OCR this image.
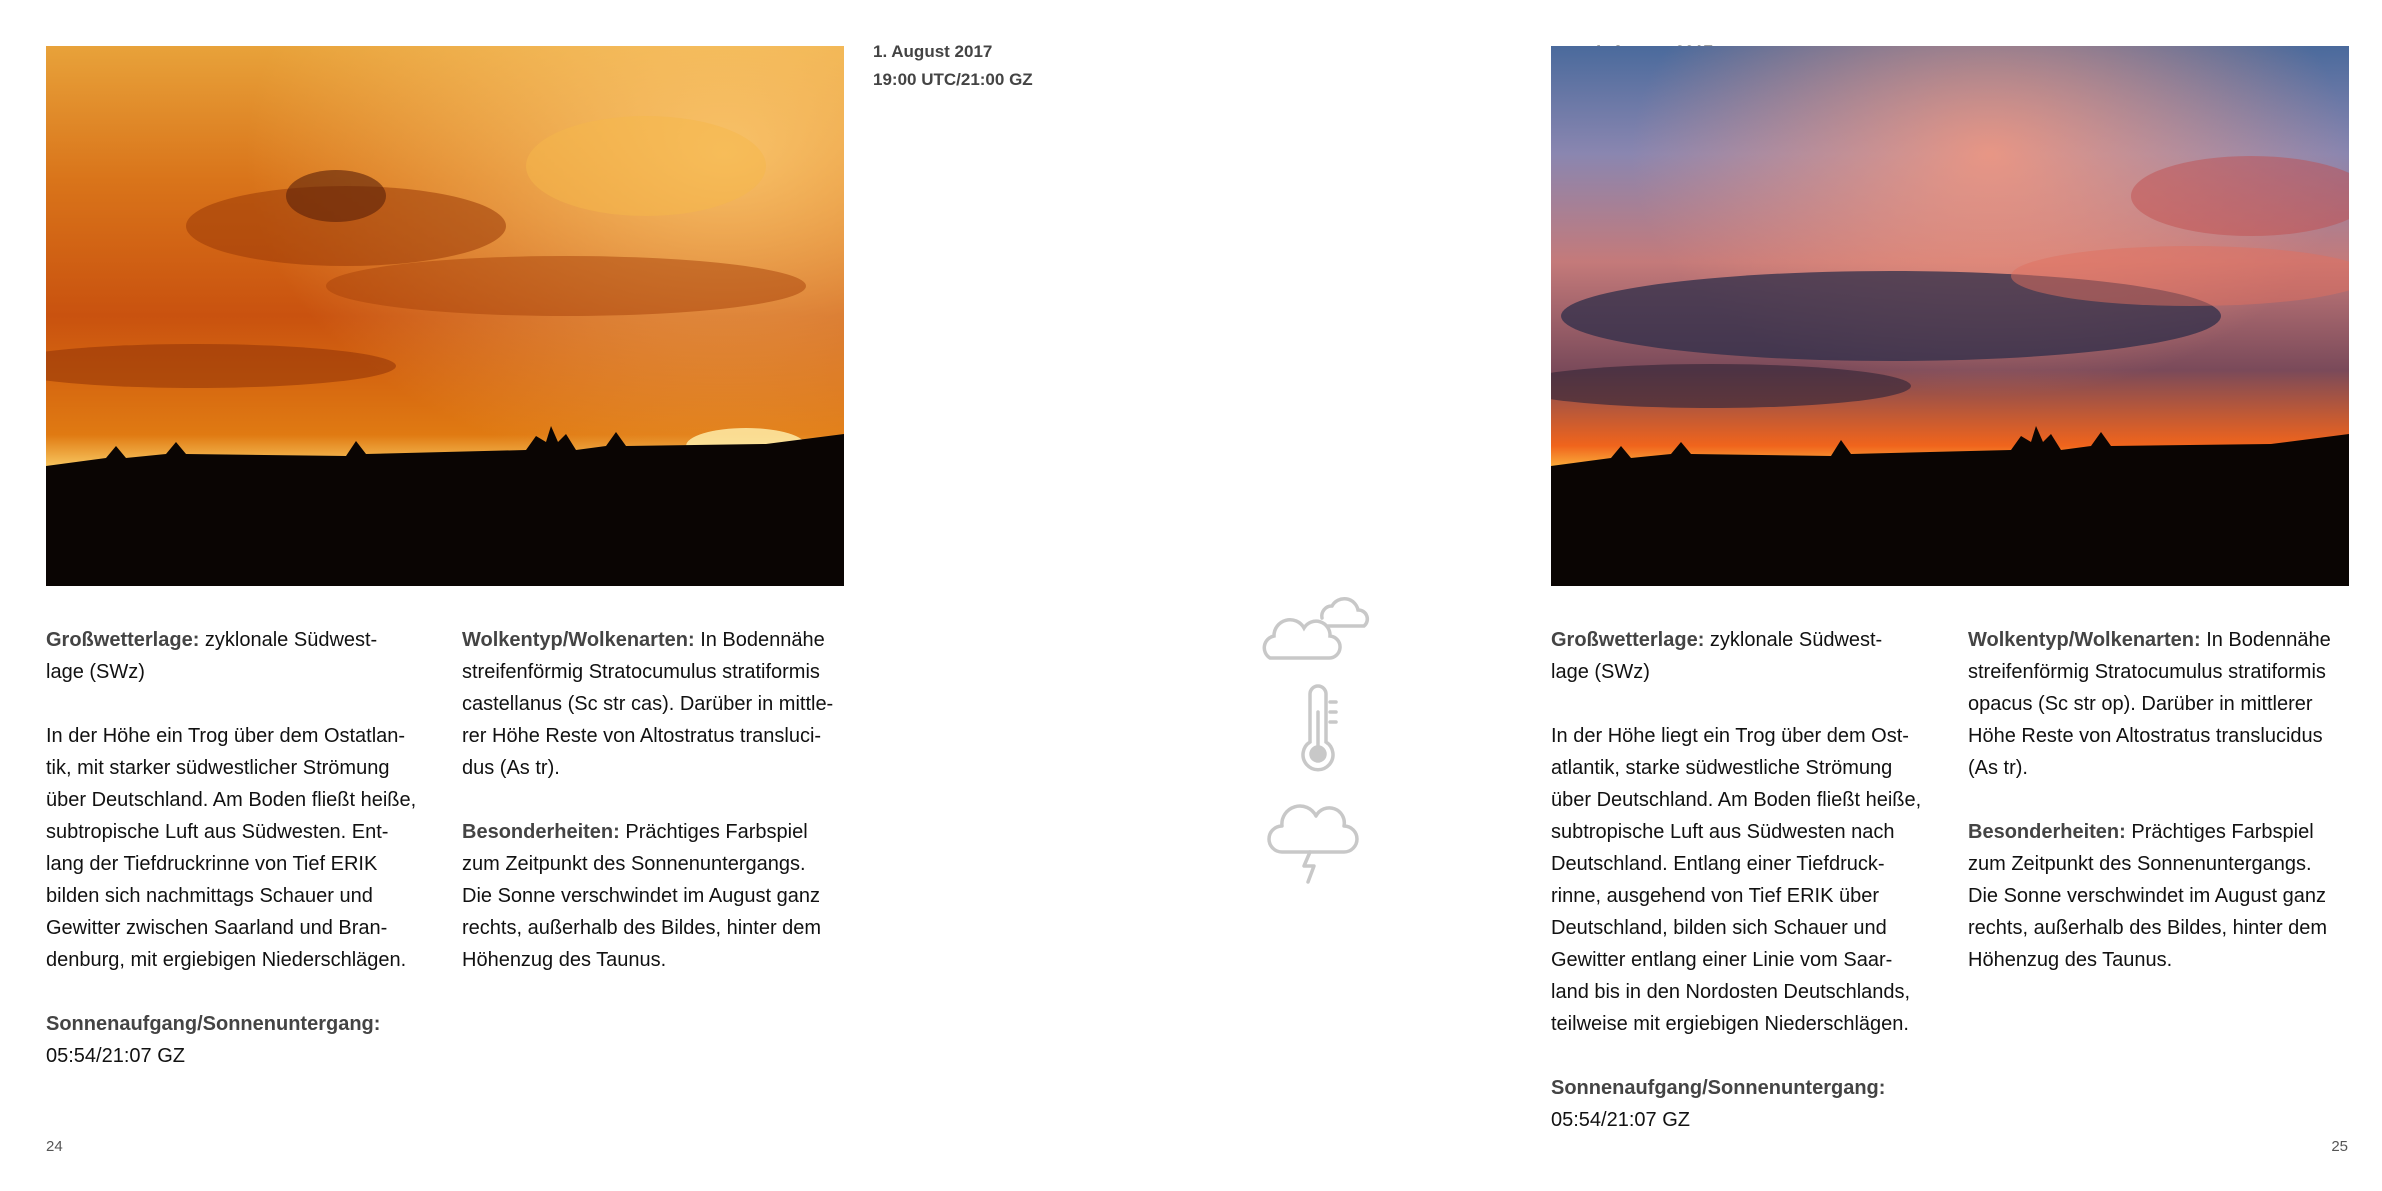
1. August 2017
19:00 UTC/21:00 GZ

Großwetterlage: zyklonale Südwest-
lage (SWz)

In der Höhe ein Trog über dem Ostatlan-
tik, mit starker südwestlicher Strömung
über Deutschland. Am Boden fließt heiße,
subtropische Luft aus Südwesten. Ent-
lang der Tiefdruckrinne von Tief ERIK
bilden sich nachmittags Schauer und
Gewitter zwischen Saarland und Bran-
denburg, mit ergiebigen Niederschlägen.

Sonnenaufgang/Sonnenuntergang:
05:54/21:07 GZ

Wolkentyp/Wolkenarten: In Bodennähe
streifenförmig Stratocumulus stratiformis
castellanus (Sc str cas). Darüber in mittle-
rer Höhe Reste von Altostratus transluci-
dus (As tr).

Besonderheiten: Prächtiges Farbspiel
zum Zeitpunkt des Sonnenuntergangs.
Die Sonne verschwindet im August ganz
rechts, außerhalb des Bildes, hinter dem
Höhenzug des Taunus.

24

Großwetterlage: zyklonale Südwest-
lage (SWz)

In der Höhe liegt ein Trog über dem Ost-
atlantik, starke südwestliche Strömung
über Deutschland. Am Boden fließt heiße,
subtropische Luft aus Südwesten nach
Deutschland. Entlang einer Tiefdruck-
rinne, ausgehend von Tief ERIK über
Deutschland, bilden sich Schauer und
Gewitter entlang einer Linie vom Saar-
land bis in den Nordosten Deutschlands,
teilweise mit ergiebigen Niederschlägen.

Sonnenaufgang/Sonnenuntergang:
05:54/21:07 GZ

Wolkentyp/Wolkenarten: In Bodennähe
streifenförmig Stratocumulus stratiformis
opacus (Sc str op). Darüber in mittlerer
Höhe Reste von Altostratus translucidus
(As tr).

Besonderheiten: Prächtiges Farbspiel
zum Zeitpunkt des Sonnenuntergangs.
Die Sonne verschwindet im August ganz
rechts, außerhalb des Bildes, hinter dem
Höhenzug des Taunus.

25
